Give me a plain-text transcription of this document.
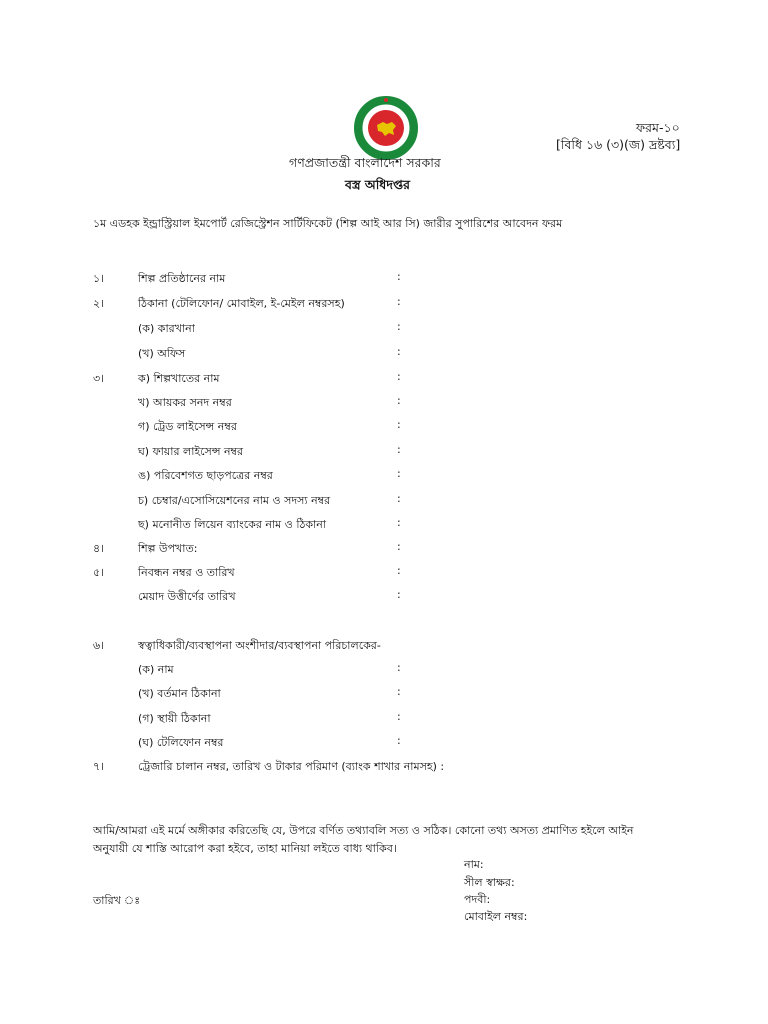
ফরম-১০
[বিধি ১৬ (৩)(জ) দ্রষ্টব্য]
গণপ্রজাতন্ত্রী বাংলাদেশ সরকার
বস্ত্র অধিদপ্তর
১ম এডহক ইন্ড্রাস্ট্রিয়াল ইমপোর্ট রেজিস্ট্রেশন সার্টিফিকেট (শিল্প আই আর সি) জারীর সুপারিশের আবেদন ফরম
১।	শিল্প প্রতিষ্ঠানের নাম	:
২।	ঠিকানা (টেলিফোন/ মোবাইল, ই-মেইল নম্বরসহ)	:
(ক) কারখানা	:
(খ) অফিস	:
৩।	ক) শিল্পখাতের নাম	:
খ) আয়কর সনদ নম্বর	:
গ) ট্রেড লাইসেন্স নম্বর	:
ঘ) ফায়ার লাইসেন্স নম্বর	:
ঙ) পরিবেশগত ছাড়পত্রের নম্বর	:
চ) চেম্বার/এসোসিয়েশনের নাম ও সদস্য নম্বর	:
ছ) মনোনীত লিয়েন ব্যাংকের নাম ও ঠিকানা	:
৪।	শিল্প উপখাত:	:
৫।	নিবন্ধন নম্বর ও তারিখ	:
মেয়াদ উত্তীর্ণের তারিখ	:
৬।	স্বত্বাধিকারী/ব্যবস্থাপনা অংশীদার/ব্যবস্থাপনা পরিচালকের-
(ক) নাম	:
(খ) বর্তমান ঠিকানা	:
(গ) স্থায়ী ঠিকানা	:
(ঘ) টেলিফোন নম্বর	:
৭।	ট্রেজারি চালান নম্বর, তারিখ ও টাকার পরিমাণ (ব্যাংক শাখার নামসহ) :
আমি/আমরা এই মর্মে অঙ্গীকার করিতেছি যে, উপরে বর্ণিত তথ্যাবলি সত্য ও সঠিক। কোনো তথ্য অসত্য প্রমাণিত হইলে আইন
অনুযায়ী যে শাস্তি আরোপ করা হইবে, তাহা মানিয়া লইতে বাধ্য থাকিব।
নাম:
সীল স্বাক্ষর:
তারিখ ঃ	পদবী:
মোবাইল নম্বর:
